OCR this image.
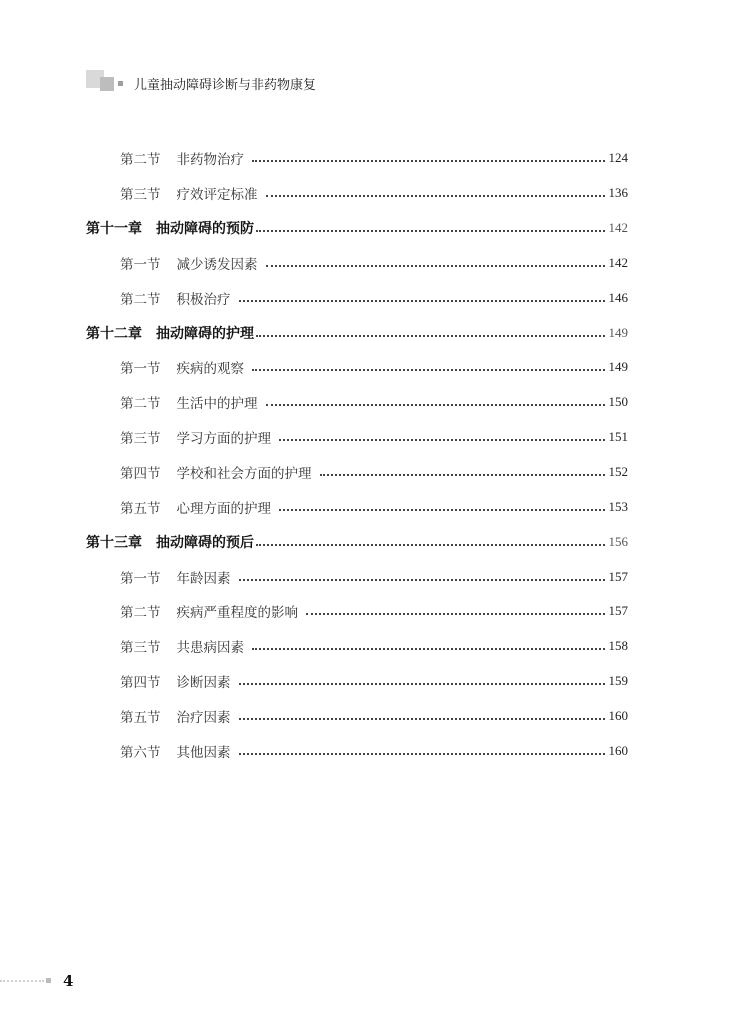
儿童抽动障碍诊断与非药物康复
第二节 非药物治疗	124
第三节 疗效评定标准	136
第十一章 抽动障碍的预防	142
第一节 减少诱发因素	142
第二节 积极治疗	146
第十二章 抽动障碍的护理	149
第一节 疾病的观察	149
第二节 生活中的护理	150
第三节 学习方面的护理	151
第四节 学校和社会方面的护理	152
第五节 心理方面的护理	153
第十三章 抽动障碍的预后	156
第一节 年龄因素	157
第二节 疾病严重程度的影响	157
第三节 共患病因素	158
第四节 诊断因素	159
第五节 治疗因素	160
第六节 其他因素	160
4
